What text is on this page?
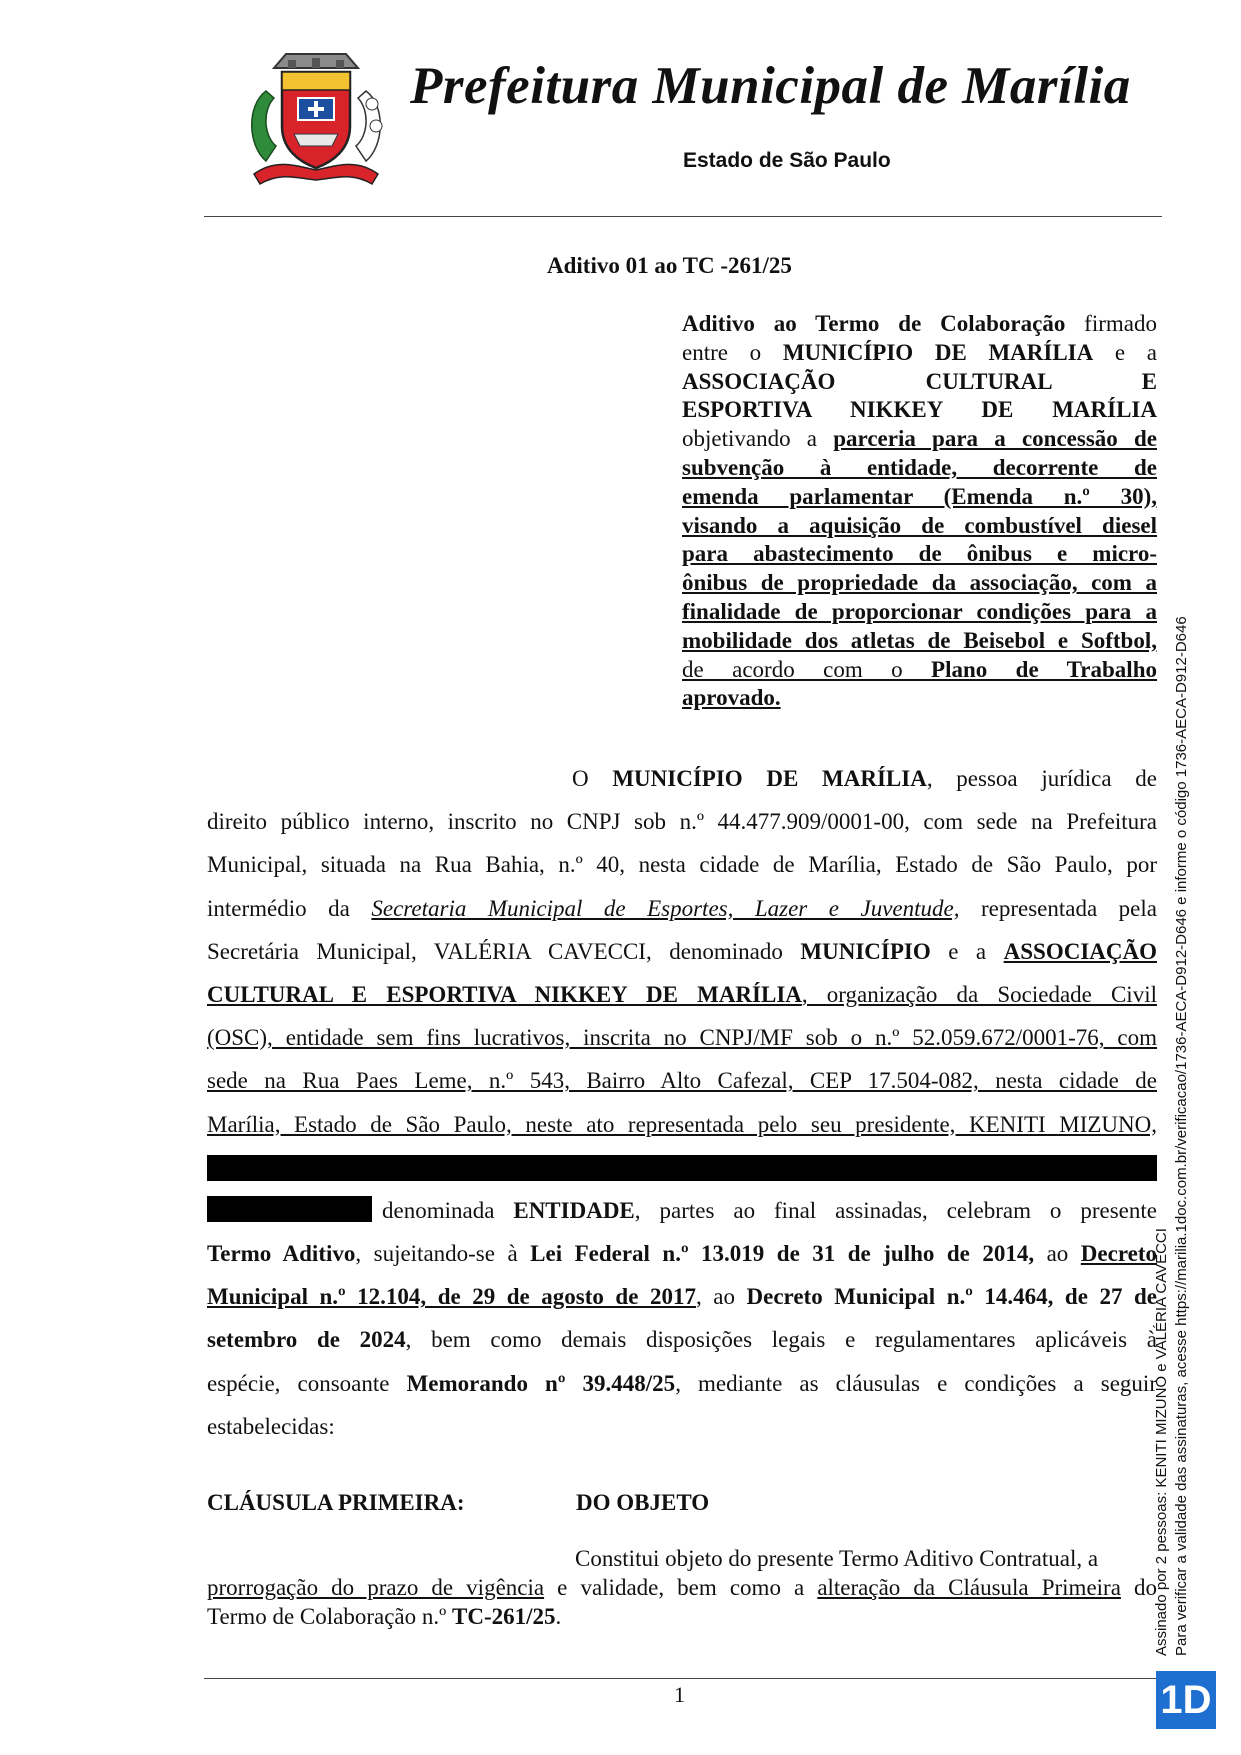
Prefeitura Municipal de Marília
Estado de São Paulo
Aditivo 01 ao TC -261/25
Aditivo ao Termo de Colaboração firmado
entre o MUNICÍPIO DE MARÍLIA e a
ASSOCIAÇÃO CULTURAL E
ESPORTIVA NIKKEY DE MARÍLIA
objetivando a parceria para a concessão de
subvenção à entidade, decorrente de
emenda parlamentar (Emenda n.º 30),
visando a aquisição de combustível diesel
para abastecimento de ônibus e micro-
ônibus de propriedade da associação, com a
finalidade de proporcionar condições para a
mobilidade dos atletas de Beisebol e Softbol,
de acordo com o Plano de Trabalho
aprovado.
O MUNICÍPIO DE MARÍLIA, pessoa jurídica de
direito público interno, inscrito no CNPJ sob n.º 44.477.909/0001-00, com sede na Prefeitura
Municipal, situada na Rua Bahia, n.º 40, nesta cidade de Marília, Estado de São Paulo, por
intermédio da Secretaria Municipal de Esportes, Lazer e Juventude, representada pela
Secretária Municipal, VALÉRIA CAVECCI, denominado MUNICÍPIO e a ASSOCIAÇÃO
CULTURAL E ESPORTIVA NIKKEY DE MARÍLIA, organização da Sociedade Civil
(OSC), entidade sem fins lucrativos, inscrita no CNPJ/MF sob o n.º 52.059.672/0001-76, com
sede na Rua Paes Leme, n.º 543, Bairro Alto Cafezal, CEP 17.504-082, nesta cidade de
Marília, Estado de São Paulo, neste ato representada pelo seu presidente, KENITI MIZUNO,
denominada ENTIDADE, partes ao final assinadas, celebram o presente
Termo Aditivo, sujeitando-se à Lei Federal n.º 13.019 de 31 de julho de 2014, ao Decreto
Municipal n.º 12.104, de 29 de agosto de 2017, ao Decreto Municipal n.º 14.464, de 27 de
setembro de 2024, bem como demais disposições legais e regulamentares aplicáveis à
espécie, consoante Memorando nº 39.448/25, mediante as cláusulas e condições a seguir
estabelecidas:
CLÁUSULA PRIMEIRA:	DO OBJETO
Constitui objeto do presente Termo Aditivo Contratual, a
prorrogação do prazo de vigência e validade, bem como a alteração da Cláusula Primeira do
Termo de Colaboração n.º TC-261/25.
1
Assinado por 2 pessoas: KENITI MIZUNO e VALÉRIA CAVECCI Para verificar a validade das assinaturas, acesse https://marilia.1doc.com.br/verificacao/1736-AECA-D912-D646 e informe o código 1736-AECA-D912-D646
1D
